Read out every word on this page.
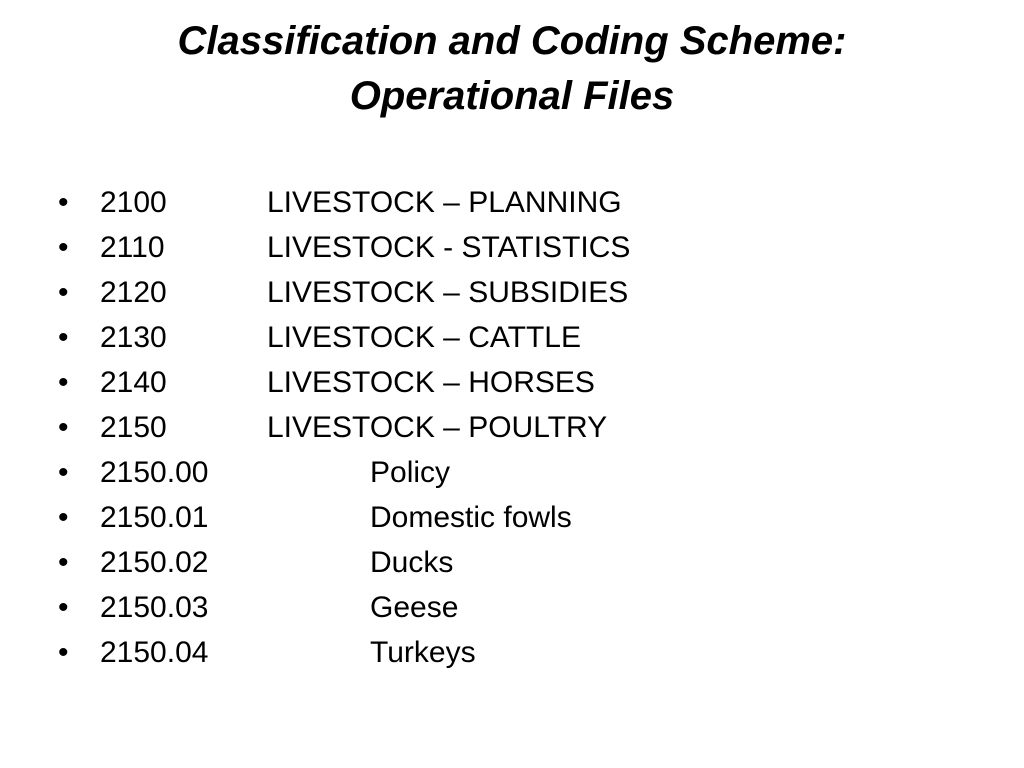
Classification and Coding Scheme:
Operational Files
•	2100	LIVESTOCK – PLANNING
•	2110	LIVESTOCK - STATISTICS
•	2120	LIVESTOCK – SUBSIDIES
•	2130	LIVESTOCK – CATTLE
•	2140	LIVESTOCK – HORSES
•	2150	LIVESTOCK – POULTRY
•	2150.00	Policy
•	2150.01	Domestic fowls
•	2150.02	Ducks
•	2150.03	Geese
•	2150.04	Turkeys
